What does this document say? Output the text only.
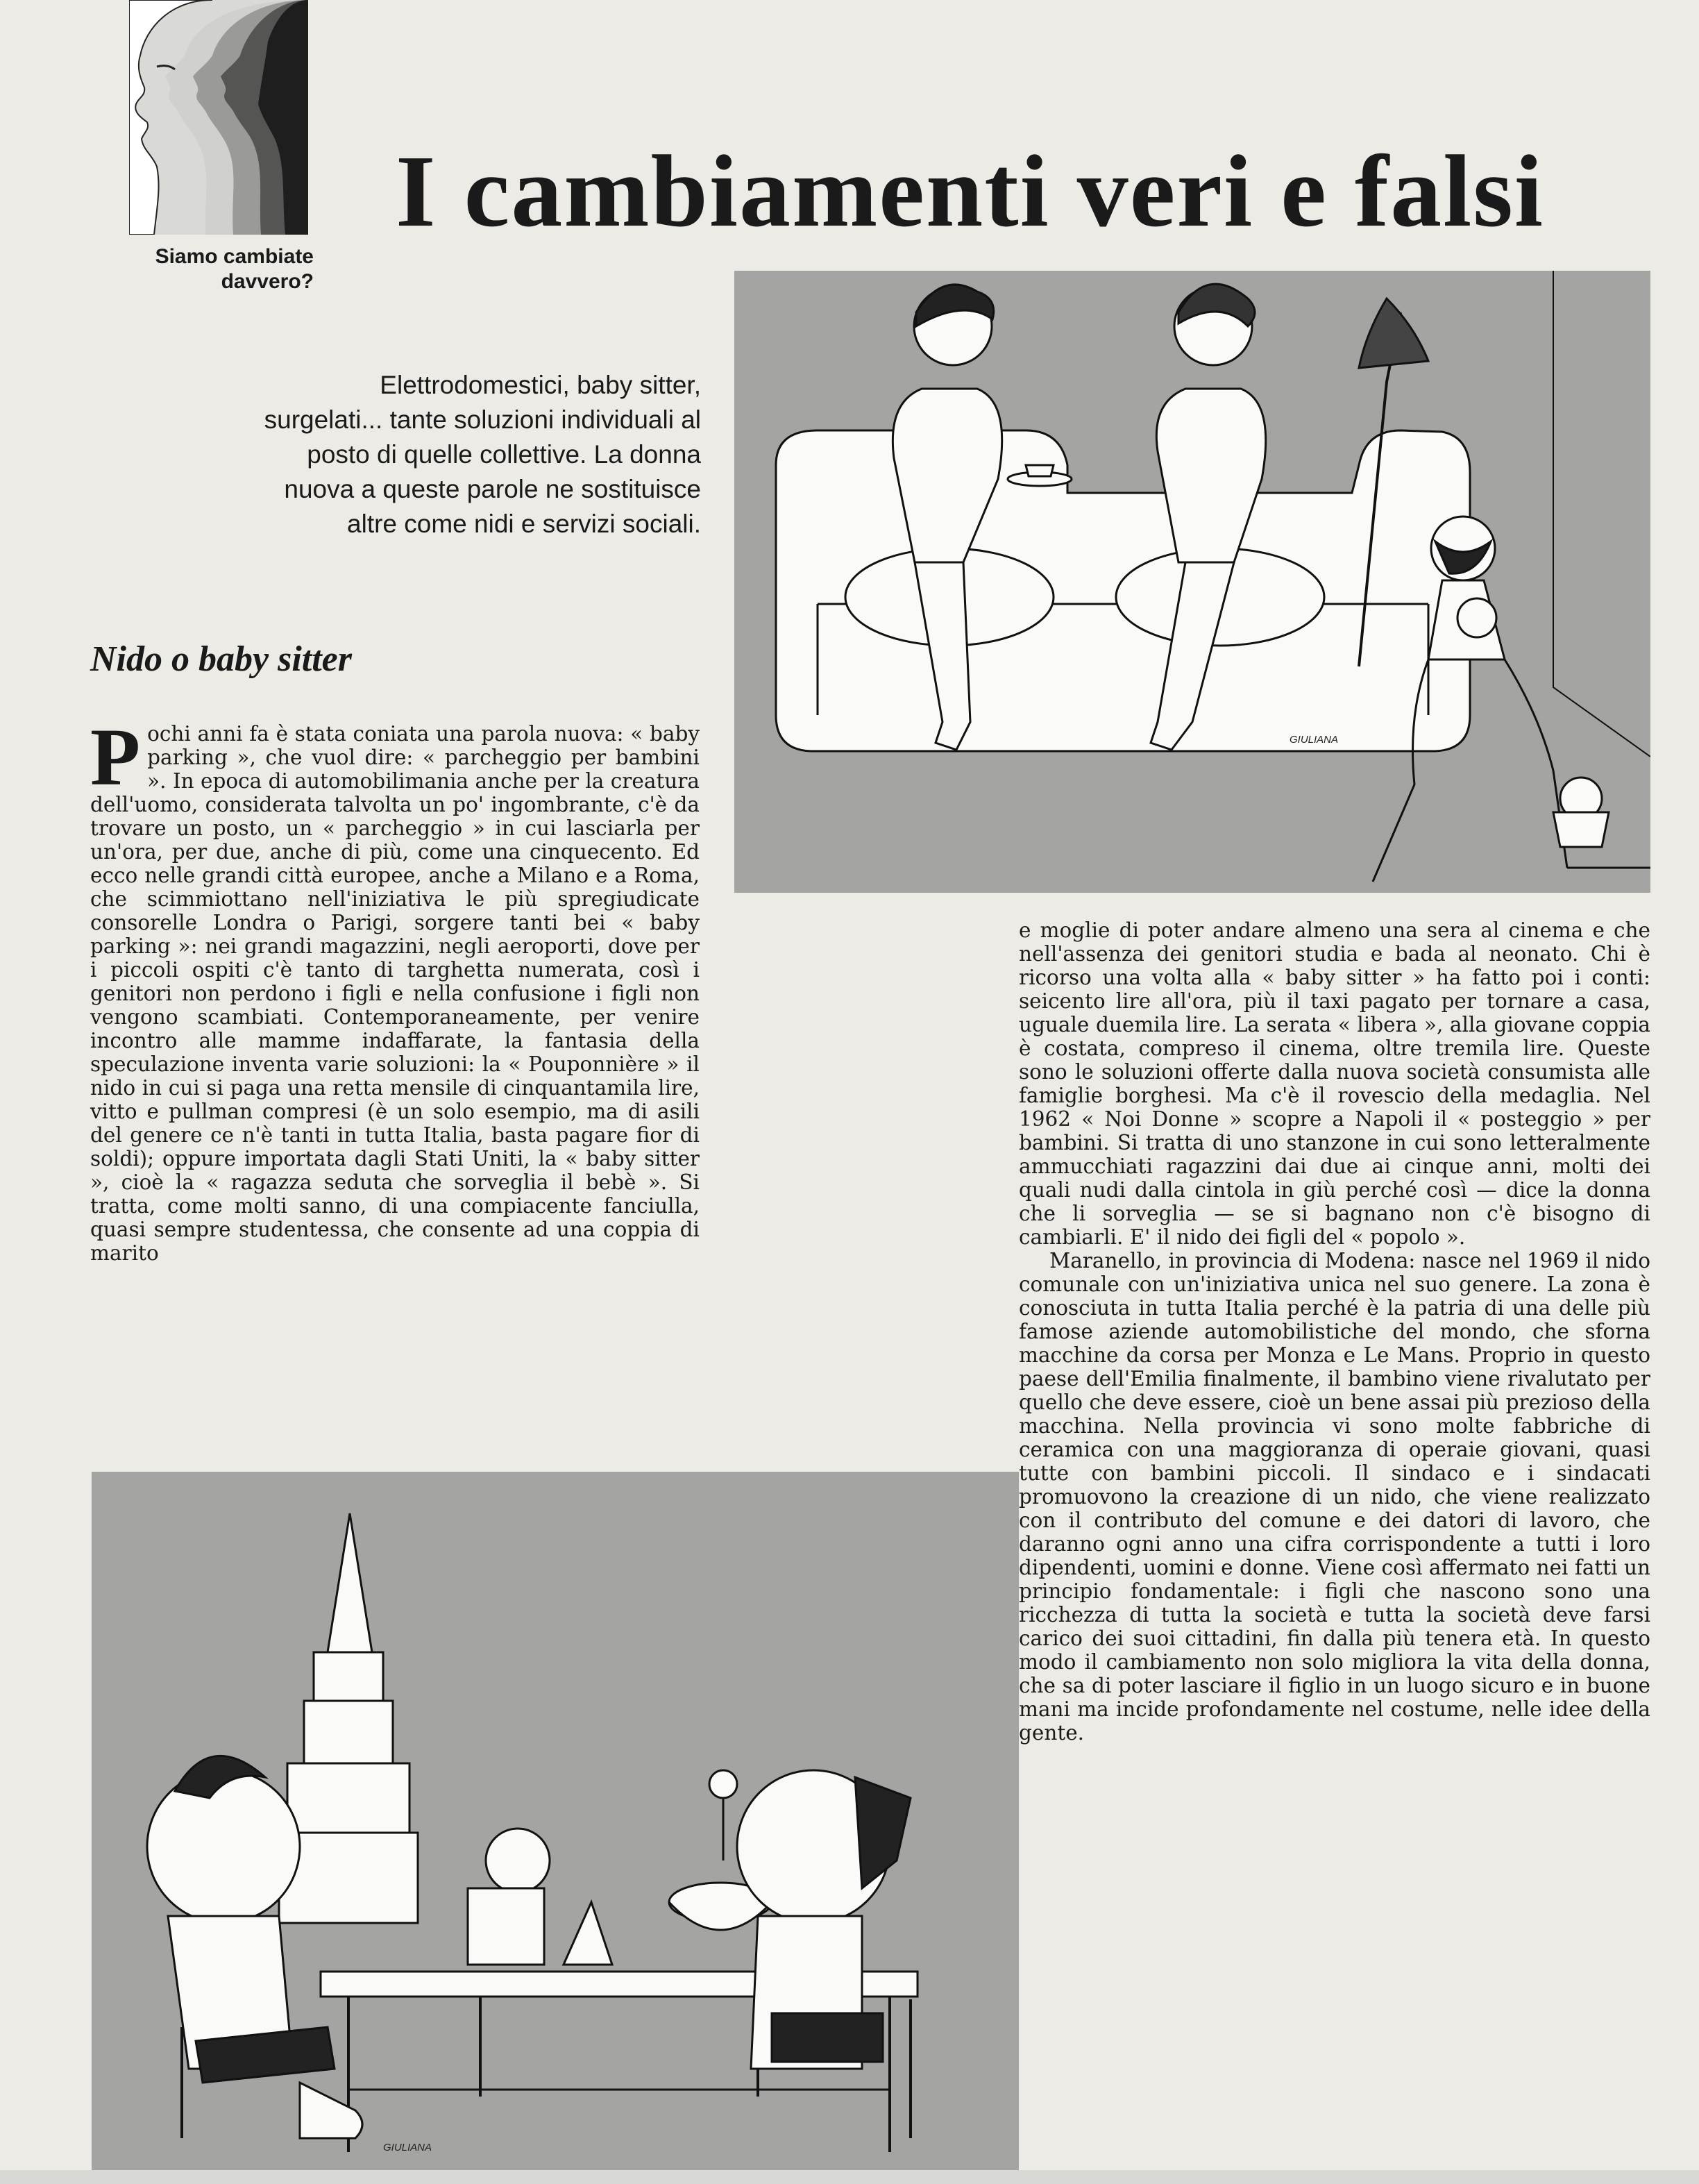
Siamo cambiate davvero?
I cambiamenti veri e falsi
Elettrodomestici, baby sitter, surgelati... tante soluzioni individuali al posto di quelle collettive. La donna nuova a queste parole ne sostituisce altre come nidi e servizi sociali.
Nido o baby sitter
GIULIANA
GIULIANA

Pochi anni fa è stata coniata una parola nuova: « baby parking », che vuol dire: « parcheggio per bambini ». In epoca di automobilimania anche per la creatura dell'uomo, considerata talvolta un po' ingombrante, c'è da trovare un posto, un « parcheggio » in cui lasciarla per un'ora, per due, anche di più, come una cinquecento. Ed ecco nelle grandi città europee, anche a Milano e a Roma, che scimmiottano nell'iniziativa le più spregiudicate consorelle Londra o Parigi, sorgere tanti bei « baby parking »: nei grandi magazzini, negli aeroporti, dove per i piccoli ospiti c'è tanto di targhetta numerata, così i genitori non perdono i figli e nella confusione i figli non vengono scambiati. Contemporaneamente, per venire incontro alle mamme indaffarate, la fantasia della speculazione inventa varie soluzioni: la « Pouponnière » il nido in cui si paga una retta mensile di cinquantamila lire, vitto e pullman compresi (è un solo esempio, ma di asili del genere ce n'è tanti in tutta Italia, basta pagare fior di soldi); oppure importata dagli Stati Uniti, la « baby sitter », cioè la « ragazza seduta che sorveglia il bebè ». Si tratta, come molti sanno, di una compiacente fanciulla, quasi sempre studentessa, che consente ad una coppia di marito

e moglie di poter andare almeno una sera al cinema e che nell'assenza dei genitori studia e bada al neonato. Chi è ricorso una volta alla « baby sitter » ha fatto poi i conti: seicento lire all'ora, più il taxi pagato per tornare a casa, uguale duemila lire. La serata « libera », alla giovane coppia è costata, compreso il cinema, oltre tremila lire. Queste sono le soluzioni offerte dalla nuova società consumista alle famiglie borghesi. Ma c'è il rovescio della medaglia. Nel 1962 « Noi Donne » scopre a Napoli il « posteggio » per bambini. Si tratta di uno stanzone in cui sono letteralmente ammucchiati ragazzini dai due ai cinque anni, molti dei quali nudi dalla cintola in giù perché così — dice la donna che li sorveglia — se si bagnano non c'è bisogno di cambiarli. E' il nido dei figli del « popolo ».

Maranello, in provincia di Modena: nasce nel 1969 il nido comunale con un'iniziativa unica nel suo genere. La zona è conosciuta in tutta Italia perché è la patria di una delle più famose aziende automobilistiche del mondo, che sforna macchine da corsa per Monza e Le Mans. Proprio in questo paese dell'Emilia finalmente, il bambino viene rivalutato per quello che deve essere, cioè un bene assai più prezioso della macchina. Nella provincia vi sono molte fabbriche di ceramica con una maggioranza di operaie giovani, quasi tutte con bambini piccoli. Il sindaco e i sindacati promuovono la creazione di un nido, che viene realizzato con il contributo del comune e dei datori di lavoro, che daranno ogni anno una cifra corrispondente a tutti i loro dipendenti, uomini e donne. Viene così affermato nei fatti un principio fondamentale: i figli che nascono sono una ricchezza di tutta la società e tutta la società deve farsi carico dei suoi cittadini, fin dalla più tenera età. In questo modo il cambiamento non solo migliora la vita della donna, che sa di poter lasciare il figlio in un luogo sicuro e in buone mani ma incide profondamente nel costume, nelle idee della gente.
